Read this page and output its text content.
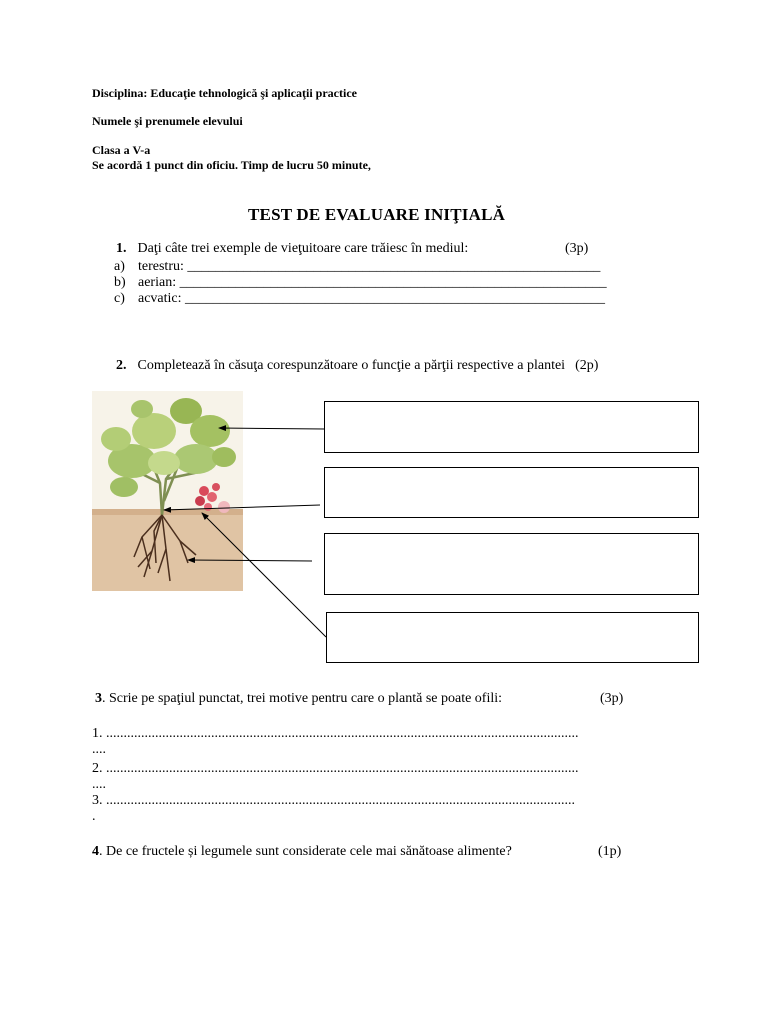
Disciplina: Educaţie tehnologică şi aplicaţii practice
Numele şi prenumele elevului
Clasa a V-a
Se acordă 1 punct din oficiu. Timp de lucru 50 minute,
TEST DE EVALUARE INIŢIALĂ
1. Daţi câte trei exemple de vieţuitoare care trăiesc în mediul:	(3p)
a) terestru: ___________________________________________________________
b) aerian: _____________________________________________________________
c) acvatic: ____________________________________________________________
2. Completează în căsuţa corespunzătoare o funcţie a părţii respective a plantei (2p)
3. Scrie pe spaţiul punctat, trei motive pentru care o plantă se poate ofili:	(3p)
1. .......................................................................................................................................
....
2. .......................................................................................................................................
....
3. ......................................................................................................................................
.
4. De ce fructele și legumele sunt considerate cele mai sănătoase alimente?	(1p)
